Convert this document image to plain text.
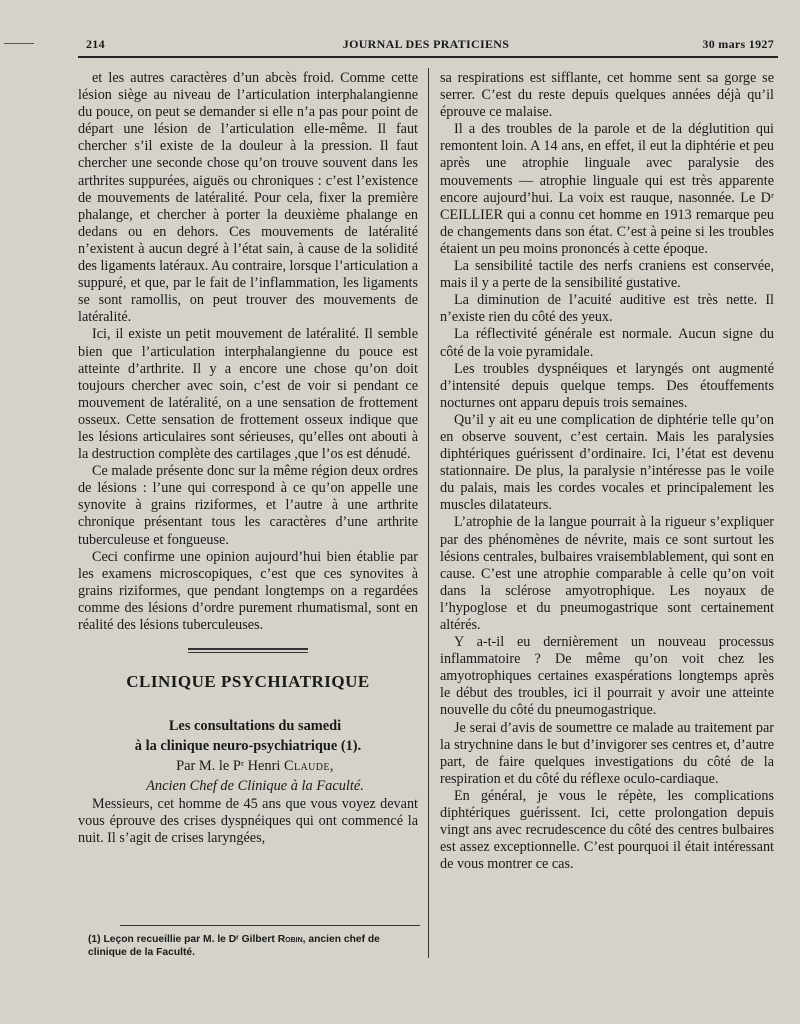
214	JOURNAL DES PRATICIENS	30 mars 1927

et les autres caractères d’un abcès froid. Comme cette lésion siège au niveau de l’articulation interphalangienne du pouce, on peut se demander si elle n’a pas pour point de départ une lésion de l’articulation elle-même. Il faut chercher s’il existe de la douleur à la pression. Il faut chercher une seconde chose qu’on trouve souvent dans les arthrites suppurées, aiguës ou chroniques : c’est l’existence de mouvements de latéralité. Pour cela, fixer la première phalange, et chercher à porter la deuxième phalange en dedans ou en dehors. Ces mouvements de latéralité n’existent à aucun degré à l’état sain, à cause de la solidité des ligaments latéraux. Au contraire, lorsque l’articulation a suppuré, et que, par le fait de l’inflammation, les ligaments se sont ramollis, on peut trouver des mouvements de latéralité.

Ici, il existe un petit mouvement de latéralité. Il semble bien que l’articulation interphalangienne du pouce est atteinte d’arthrite. Il y a encore une chose qu’on doit toujours chercher avec soin, c’est de voir si pendant ce mouvement de latéralité, on a une sensation de frottement osseux. Cette sensation de frottement osseux indique que les lésions articulaires sont sérieuses, qu’elles ont abouti à la destruction complète des cartilages ,que l’os est dénudé.

Ce malade présente donc sur la même région deux ordres de lésions : l’une qui correspond à ce qu’on appelle une synovite à grains riziformes, et l’autre à une arthrite chronique présentant tous les caractères d’une arthrite tuberculeuse et fongueuse.

Ceci confirme une opinion aujourd’hui bien établie par les examens microscopiques, c’est que ces synovites à grains riziformes, que pendant longtemps on a regardées comme des lésions d’ordre purement rhumatismal, sont en réalité des lésions tuberculeuses.

CLINIQUE PSYCHIATRIQUE

Les consultations du samedi
à la clinique neuro-psychiatrique (1).

Par M. le Pʳ Henri Claude,

Ancien Chef de Clinique à la Faculté.

Messieurs, cet homme de 45 ans que vous voyez devant vous éprouve des crises dyspnéiques qui ont commencé la nuit. Il s’agit de crises laryngées,

sa respirations est sifflante, cet homme sent sa gorge se serrer. C’est du reste depuis quelques années déjà qu’il éprouve ce malaise.

Il a des troubles de la parole et de la déglutition qui remontent loin. A 14 ans, en effet, il eut la diphtérie et peu après une atrophie linguale avec paralysie des mouvements — atrophie linguale qui est très apparente encore aujourd’hui. La voix est rauque, nasonnée. Le Dʳ CEILLIER qui a connu cet homme en 1913 remarque peu de changements dans son état. C’est à peine si les troubles étaient un peu moins prononcés à cette époque.

La sensibilité tactile des nerfs craniens est conservée, mais il y a perte de la sensibilité gustative.

La diminution de l’acuité auditive est très nette. Il n’existe rien du côté des yeux.

La réflectivité générale est normale. Aucun signe du côté de la voie pyramidale.

Les troubles dyspnéiques et laryngés ont augmenté d’intensité depuis quelque temps. Des étouffements nocturnes ont apparu depuis trois semaines.

Qu’il y ait eu une complication de diphtérie telle qu’on en observe souvent, c’est certain. Mais les paralysies diphtériques guérissent d’ordinaire. Ici, l’état est devenu stationnaire. De plus, la paralysie n’intéresse pas le voile du palais, mais les cordes vocales et principalement les muscles dilatateurs.

L’atrophie de la langue pourrait à la rigueur s’expliquer par des phénomènes de névrite, mais ce sont surtout les lésions centrales, bulbaires vraisemblablement, qui sont en cause. C’est une atrophie comparable à celle qu’on voit dans la sclérose amyotrophique. Les noyaux de l’hypoglose et du pneumogastrique sont certainement altérés.

Y a-t-il eu dernièrement un nouveau processus inflammatoire ? De même qu’on voit chez les amyotrophiques certaines exaspérations longtemps après le début des troubles, ici il pourrait y avoir une atteinte nouvelle du côté du pneumogastrique.

Je serai d’avis de soumettre ce malade au traitement par la strychnine dans le but d’invigorer ses centres et, d’autre part, de faire quelques investigations du côté de la respiration et du côté du réflexe oculo-cardiaque.

En général, je vous le répète, les complications diphtériques guérissent. Ici, cette prolongation depuis vingt ans avec recrudescence du côté des centres bulbaires est assez exceptionnelle. C’est pourquoi il était intéressant de vous montrer ce cas.

(1) Leçon recueillie par M. le Dʳ Gilbert Robin, ancien chef de clinique de la Faculté.
